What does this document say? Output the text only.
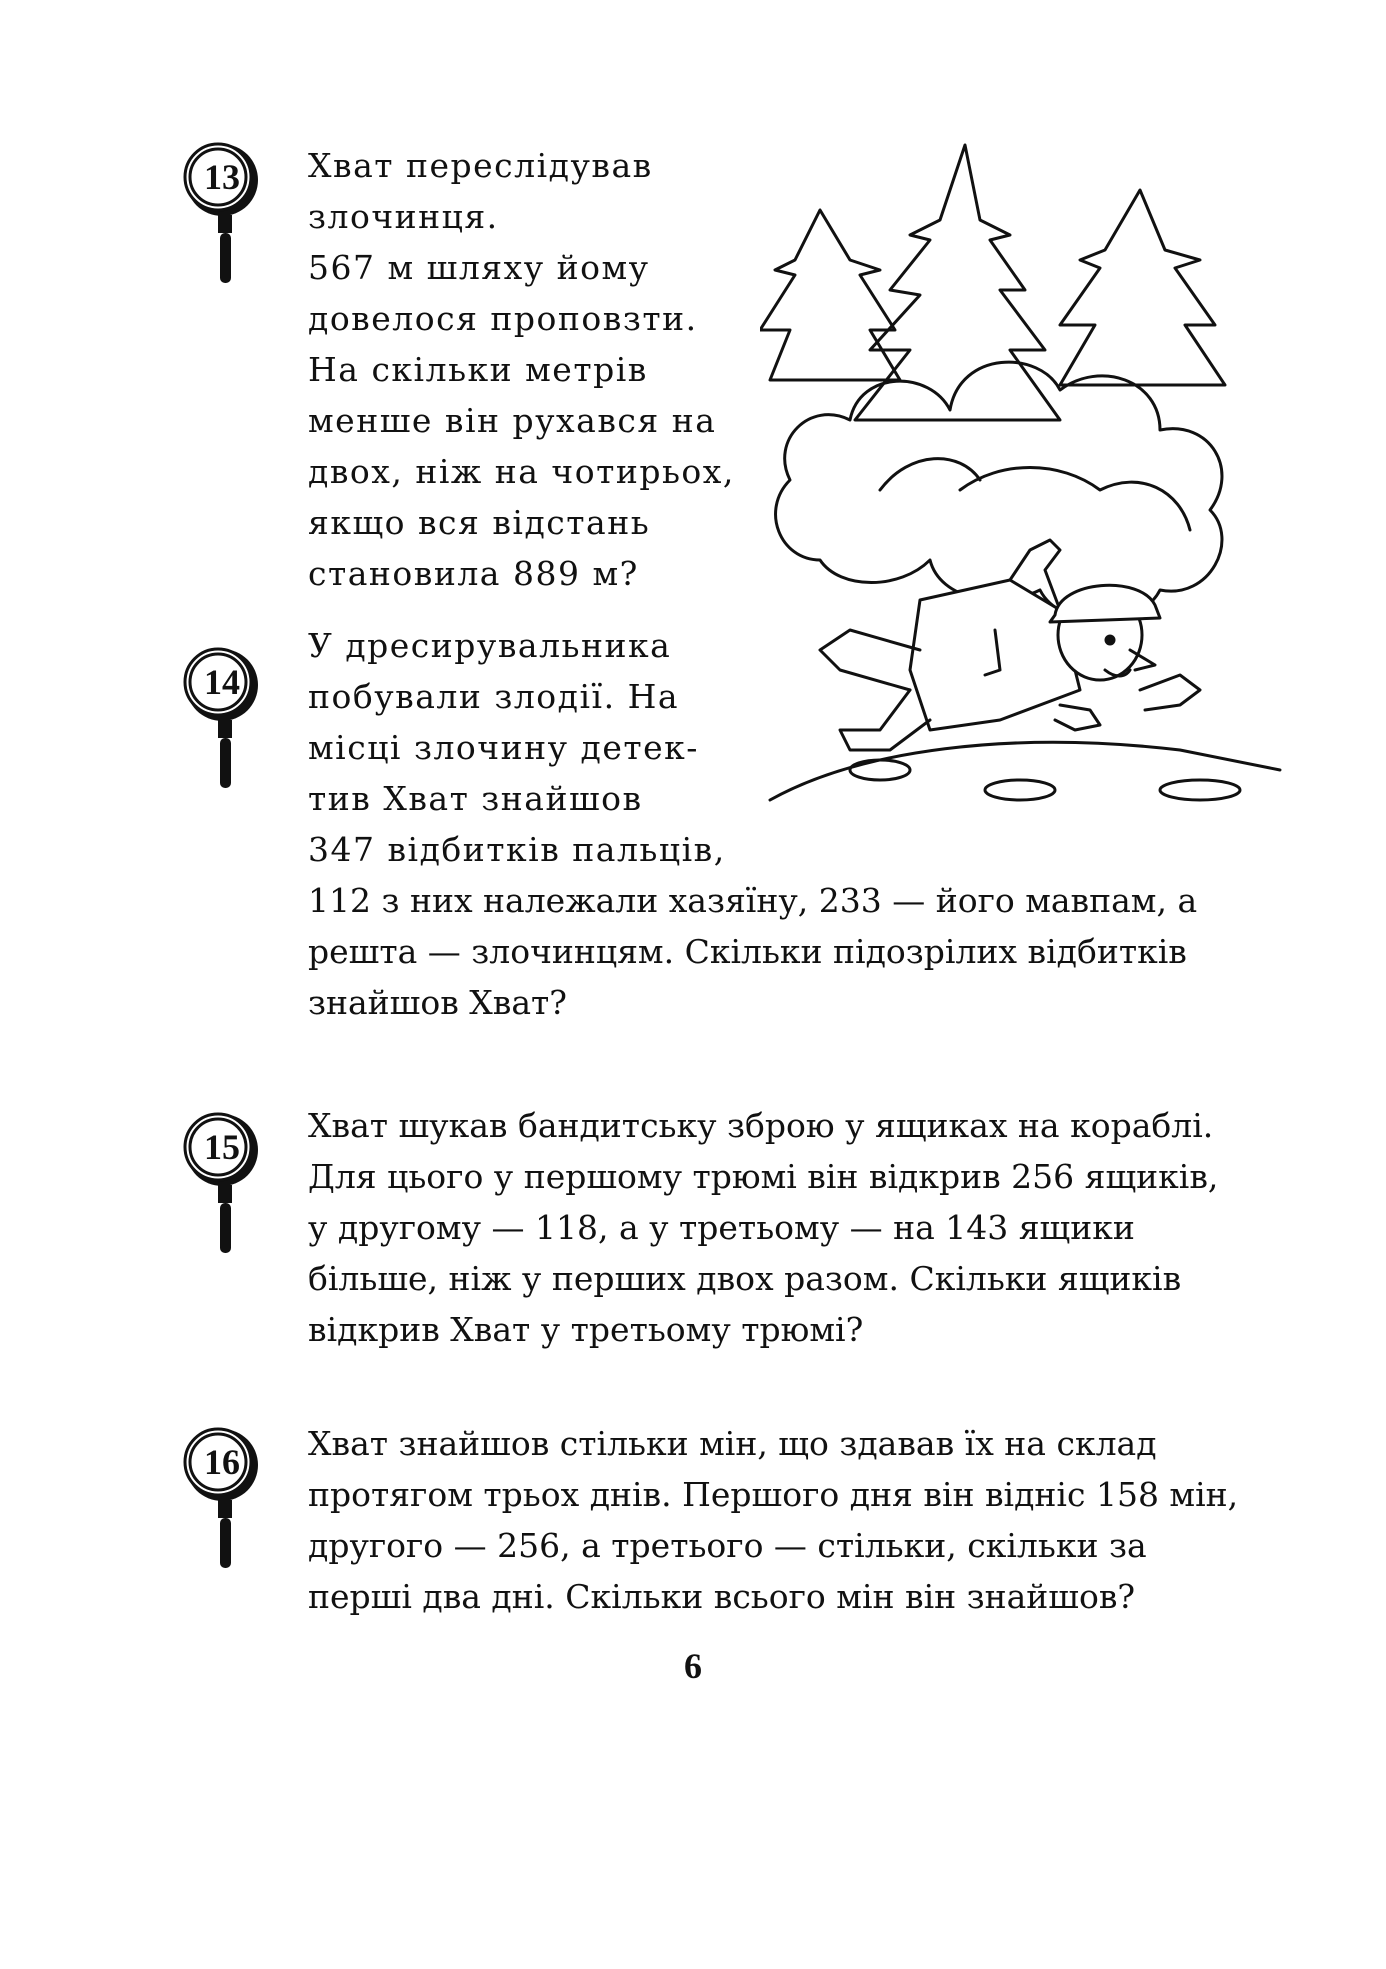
13	Хват переслідував злочинця.
567 м шляху йому
довелося проповзти.
На скільки метрів
менше він рухався на
двох, ніж на чотирьох,
якщо вся відстань
становила 889 м?
14
У дресирувальника
побували злодії. На
місці злочину детек-
тив Хват знайшов
347 відбитків пальців,
112 з них належали хазяїну, 233 — його мавпам, а
решта — злочинцям. Скільки підозрілих відбитків
знайшов Хват?
15
Хват шукав бандитську зброю у ящиках на кораблі.
Для цього у першому трюмі він відкрив 256 ящиків,
у другому — 118, а у третьому — на 143 ящики
більше, ніж у перших двох разом. Скільки ящиків
відкрив Хват у третьому трюмі?
16	Хват знайшов стільки мін, що здавав їх на склад
протягом трьох днів. Першого дня він відніс 158 мін,
другого — 256, а третього — стільки, скільки за
перші два дні. Скільки всього мін він знайшов?
6
